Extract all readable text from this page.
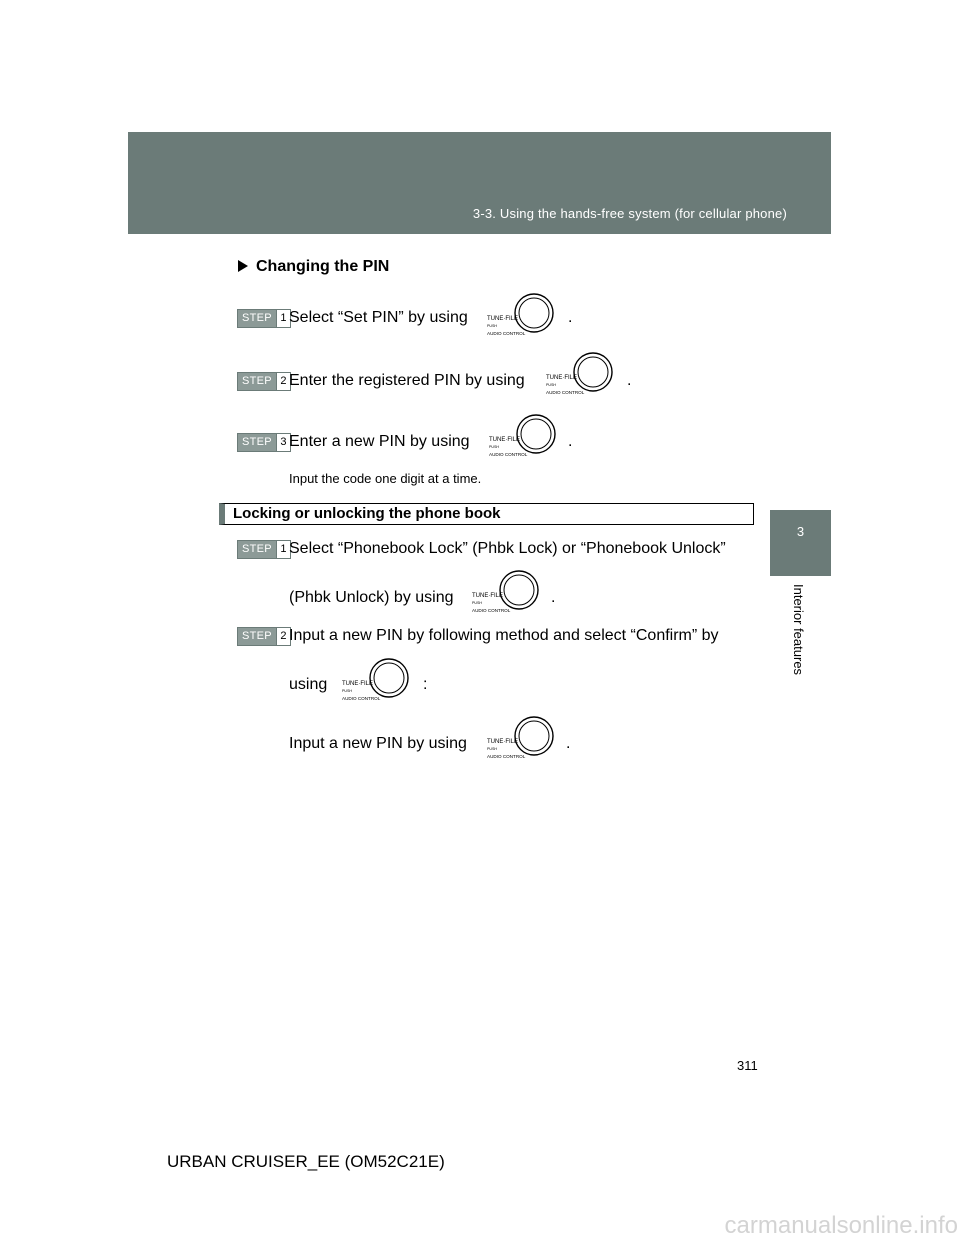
3-3. Using the hands-free system (for cellular phone)
3
Interior features
Changing the PIN
STEP 1 Select “Set PIN” by using	TUNE·FILE
PUSH
AUDIO CONTROL
.
STEP 2 Enter the registered PIN by using	TUNE·FILE
PUSH
AUDIO CONTROL
.
STEP 3 Enter a new PIN by using	TUNE·FILE
PUSH
AUDIO CONTROL
.
Input the code one digit at a time.
Locking or unlocking the phone book
STEP 1 Select “Phonebook Lock” (Phbk Lock) or “Phonebook Unlock”
(Phbk Unlock) by using	TUNE·FILE
PUSH
AUDIO CONTROL
.
STEP 2 Input a new PIN by following method and select “Confirm” by
using TUNE·FILE
PUSH
AUDIO CONTROL
:
Input a new PIN by using	TUNE·FILE
PUSH
AUDIO CONTROL
.
311
URBAN CRUISER_EE (OM52C21E)
carmanualsonline.info
